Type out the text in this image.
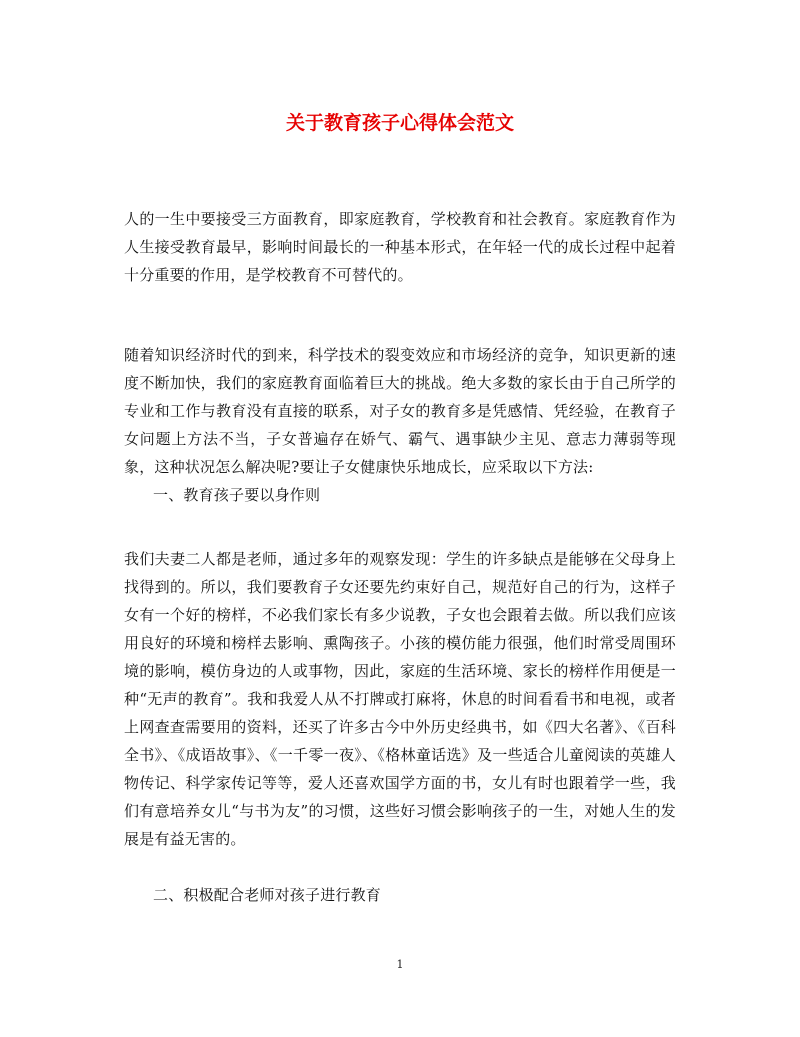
关于教育孩子心得体会范文

人的一生中要接受三方面教育，即家庭教育，学校教育和社会教育。家庭教育作为人生接受教育最早，影响时间最长的一种基本形式，在年轻一代的成长过程中起着十分重要的作用，是学校教育不可替代的。

随着知识经济时代的到来，科学技术的裂变效应和市场经济的竞争，知识更新的速度不断加快，我们的家庭教育面临着巨大的挑战。绝大多数的家长由于自己所学的专业和工作与教育没有直接的联系，对子女的教育多是凭感情、凭经验，在教育子女问题上方法不当，子女普遍存在娇气、霸气、遇事缺少主见、意志力薄弱等现象，这种状况怎么解决呢?要让子女健康快乐地成长，应采取以下方法:

一、教育孩子要以身作则

我们夫妻二人都是老师，通过多年的观察发现：学生的许多缺点是能够在父母身上找得到的。所以，我们要教育子女还要先约束好自己，规范好自己的行为，这样子女有一个好的榜样，不必我们家长有多少说教，子女也会跟着去做。所以我们应该用良好的环境和榜样去影响、熏陶孩子。小孩的模仿能力很强，他们时常受周围环境的影响，模仿身边的人或事物，因此，家庭的生活环境、家长的榜样作用便是一种“无声的教育”。我和我爱人从不打牌或打麻将，休息的时间看看书和电视，或者上网查查需要用的资料，还买了许多古今中外历史经典书，如《四大名著》、《百科全书》、《成语故事》、《一千零一夜》、《格林童话选》及一些适合儿童阅读的英雄人物传记、科学家传记等等，爱人还喜欢国学方面的书，女儿有时也跟着学一些，我们有意培养女儿“与书为友”的习惯，这些好习惯会影响孩子的一生，对她人生的发展是有益无害的。

二、积极配合老师对孩子进行教育

1
